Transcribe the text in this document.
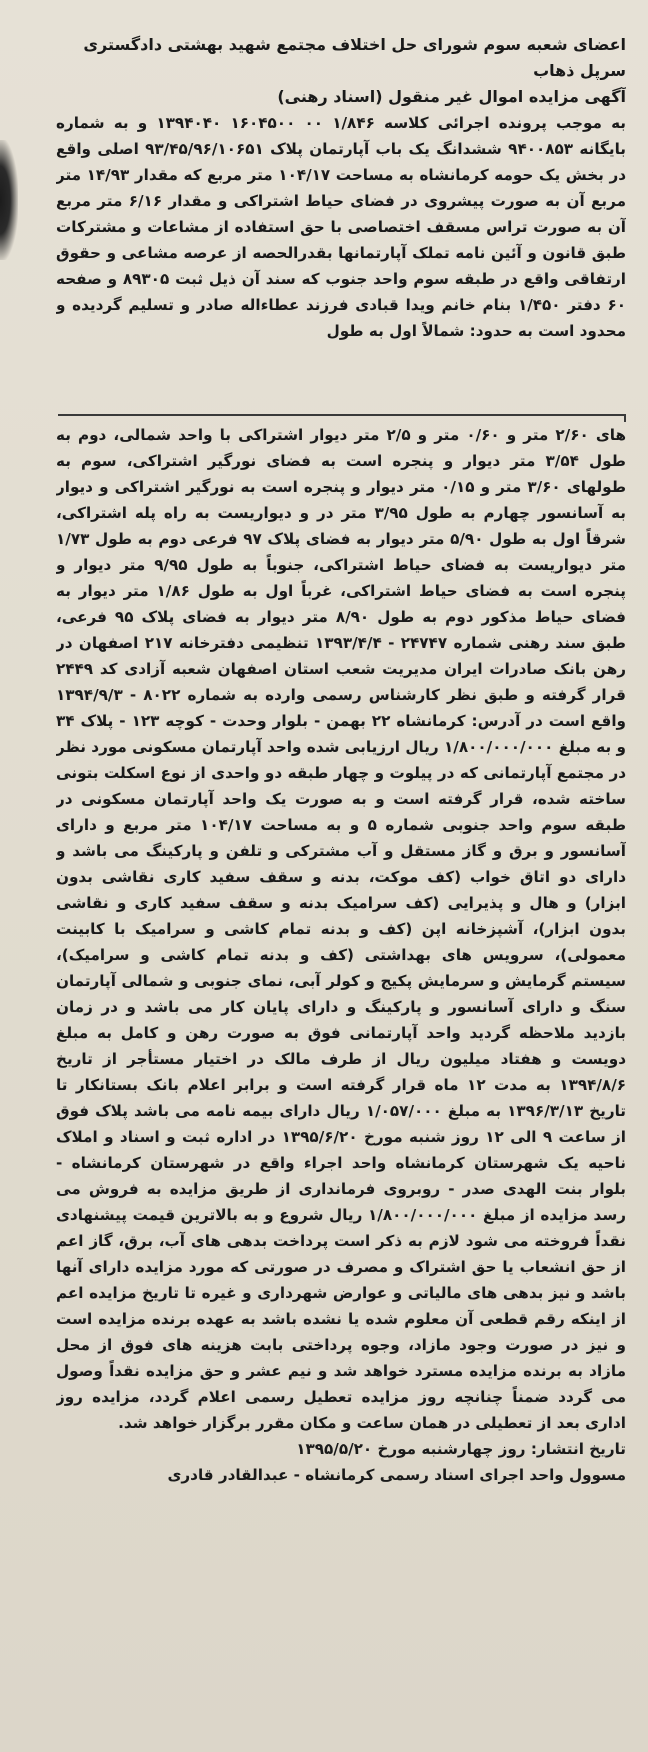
اعضای شعبه سوم شورای حل اختلاف مجتمع شهید بهشتی دادگستری

سرپل ذهاب

آگهی مزایده اموال غیر منقول (اسناد رهنی)

به موجب پرونده اجرائی کلاسه ۱/۸۴۶ ۰۰ ۱۶۰۴۵۰۰ ۱۳۹۴۰۴۰ و به شماره بایگانه ۹۴۰۰۸۵۳ ششدانگ یک باب آپارتمان پلاک ۹۳/۴۵/۹۶/۱۰۶۵۱ اصلی واقع در بخش یک حومه کرمانشاه به مساحت ۱۰۴/۱۷ متر مربع که مقدار ۱۴/۹۳ متر مربع آن به صورت پیشروی در فضای حیاط اشتراکی و مقدار ۶/۱۶ متر مربع آن به صورت تراس مسقف اختصاصی با حق استفاده از مشاعات و مشترکات طبق قانون و آئین نامه تملک آپارتمانها بقدرالحصه از عرصه مشاعی و حقوق ارتفاقی واقع در طبقه سوم واحد جنوب که سند آن ذیل ثبت ۸۹۳۰۵ و صفحه ۶۰ دفتر ۱/۴۵۰ بنام خانم ویدا قبادی فرزند عطاءاله صادر و تسلیم گردیده و محدود است به حدود: شمالاً اول به طول

های ۲/۶۰ متر و ۰/۶۰ متر و ۲/۵ متر دیوار اشتراکی با واحد شمالی، دوم به طول ۳/۵۴ متر دیوار و پنجره است به فضای نورگیر اشتراکی، سوم به طولهای ۳/۶۰ متر و ۰/۱۵ متر دیوار و پنجره است به نورگیر اشتراکی و دیوار به آسانسور چهارم به طول ۳/۹۵ متر در و دیواریست به راه پله اشتراکی، شرقاً اول به طول ۵/۹۰ متر دیوار به فضای پلاک ۹۷ فرعی دوم به طول ۱/۷۳ متر دیواریست به فضای حیاط اشتراکی، جنوباً به طول ۹/۹۵ متر دیوار و پنجره است به فضای حیاط اشتراکی، غرباً اول به طول ۱/۸۶ متر دیوار به فضای حیاط مذکور دوم به طول ۸/۹۰ متر دیوار به فضای پلاک ۹۵ فرعی، طبق سند رهنی شماره ۲۴۷۴۷ - ۱۳۹۳/۴/۴ تنظیمی دفترخانه ۲۱۷ اصفهان در رهن بانک صادرات ایران مدیریت شعب استان اصفهان شعبه آزادی کد ۲۴۴۹ قرار گرفته و طبق نظر کارشناس رسمی وارده به شماره ۸۰۲۲ - ۱۳۹۴/۹/۳ واقع است در آدرس: کرمانشاه ۲۲ بهمن - بلوار وحدت - کوچه ۱۲۳ - پلاک ۳۴ و به مبلغ ۱/۸۰۰/۰۰۰/۰۰۰ ریال ارزیابی شده واحد آپارتمان مسکونی مورد نظر در مجتمع آپارتمانی که در پیلوت و چهار طبقه دو واحدی از نوع اسکلت بتونی ساخته شده، قرار گرفته است و به صورت یک واحد آپارتمان مسکونی در طبقه سوم واحد جنوبی شماره ۵ و به مساحت ۱۰۴/۱۷ متر مربع و دارای آسانسور و برق و گاز مستقل و آب مشترکی و تلفن و پارکینگ می باشد و دارای دو اتاق خواب (کف موکت، بدنه و سقف سفید کاری نقاشی بدون ابزار) و هال و پذیرایی (کف سرامیک بدنه و سقف سفید کاری و نقاشی بدون ابزار)، آشپزخانه اپن (کف و بدنه تمام کاشی و سرامیک با کابینت معمولی)، سرویس های بهداشتی (کف و بدنه تمام کاشی و سرامیک)، سیستم گرمایش و سرمایش پکیج و کولر آبی، نمای جنوبی و شمالی آپارتمان سنگ و دارای آسانسور و پارکینگ و دارای پایان کار می باشد و در زمان بازدید ملاحظه گردید واحد آپارتمانی فوق به صورت رهن و کامل به مبلغ دویست و هفتاد میلیون ریال از طرف مالک در اختیار مستأجر از تاریخ ۱۳۹۴/۸/۶ به مدت ۱۲ ماه قرار گرفته است و برابر اعلام بانک بستانکار تا تاریخ ۱۳۹۶/۳/۱۳ به مبلغ ۱/۰۵۷/۰۰۰ ریال دارای بیمه نامه می باشد پلاک فوق از ساعت ۹ الی ۱۲ روز شنبه مورخ ۱۳۹۵/۶/۲۰ در اداره ثبت و اسناد و املاک ناحیه یک شهرستان کرمانشاه واحد اجراء واقع در شهرستان کرمانشاه - بلوار بنت الهدی صدر - روبروی فرمانداری از طریق مزایده به فروش می رسد مزایده از مبلغ ۱/۸۰۰/۰۰۰/۰۰۰ ریال شروع و به بالاترین قیمت پیشنهادی نقداً فروخته می شود لازم به ذکر است پرداخت بدهی های آب، برق، گاز اعم از حق انشعاب یا حق اشتراک و مصرف در صورتی که مورد مزایده دارای آنها باشد و نیز بدهی های مالیاتی و عوارض شهرداری و غیره تا تاریخ مزایده اعم از اینکه رقم قطعی آن معلوم شده یا نشده باشد به عهده برنده مزایده است و نیز در صورت وجود مازاد، وجوه پرداختی بابت هزینه های فوق از محل مازاد به برنده مزایده مسترد خواهد شد و نیم عشر و حق مزایده نقداً وصول می گردد ضمناً چنانچه روز مزایده تعطیل رسمی اعلام گردد، مزایده روز اداری بعد از تعطیلی در همان ساعت و مکان مقرر برگزار خواهد شد.

تاریخ انتشار: روز چهارشنبه مورخ ۱۳۹۵/۵/۲۰

مسوول واحد اجرای اسناد رسمی کرمانشاه - عبدالقادر قادری
